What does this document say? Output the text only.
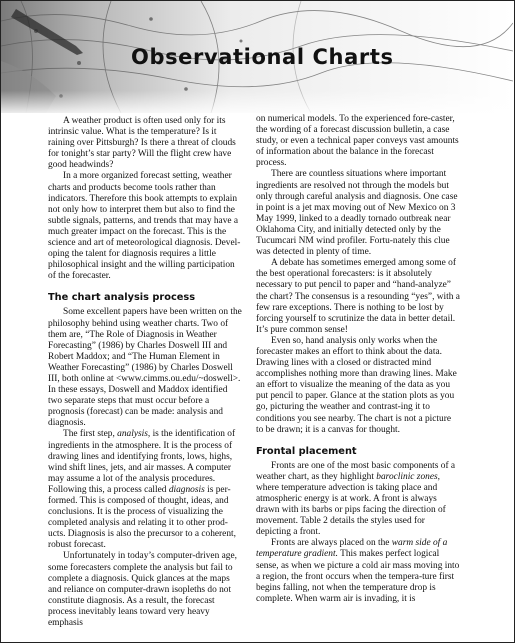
Observational Charts

A weather product is often used only for its intrinsic value. What is the temperature? Is it raining over Pittsburgh? Is there a threat of clouds for tonight’s star party? Will the flight crew have good headwinds?

In a more organized forecast setting, weather charts and products become tools rather than indicators. Therefore this book attempts to explain not only how to interpret them but also to find the subtle signals, patterns, and trends that may have a much greater impact on the forecast. This is the science and art of meteorological diagnosis. Devel-oping the talent for diagnosis requires a little philosophical insight and the willing participation of the forecaster.

The chart analysis process

Some excellent papers have been written on the philosophy behind using weather charts. Two of them are, “The Role of Diagnosis in Weather Forecasting” (1986) by Charles Doswell III and Robert Maddox; and “The Human Element in Weather Forecasting” (1986) by Charles Doswell III, both online at <www.cimms.ou.edu/~doswell>. In these essays, Doswell and Maddox identified two separate steps that must occur before a prognosis (forecast) can be made: analysis and diagnosis.

The first step, analysis, is the identification of ingredients in the atmosphere. It is the process of drawing lines and identifying fronts, lows, highs, wind shift lines, jets, and air masses. A computer may assume a lot of the analysis procedures. Following this, a process called diagnosis is per-formed. This is composed of thought, ideas, and conclusions. It is the process of visualizing the completed analysis and relating it to other prod-ucts. Diagnosis is also the precursor to a coherent, robust forecast.

Unfortunately in today’s computer-driven age, some forecasters complete the analysis but fail to complete a diagnosis. Quick glances at the maps and reliance on computer-drawn isopleths do not constitute diagnosis. As a result, the forecast process inevitably leans toward very heavy emphasis

on numerical models. To the experienced fore-caster, the wording of a forecast discussion bulletin, a case study, or even a technical paper conveys vast amounts of information about the balance in the forecast process.

There are countless situations where important ingredients are resolved not through the models but only through careful analysis and diagnosis. One case in point is a jet max moving out of New Mexico on 3 May 1999, linked to a deadly tornado outbreak near Oklahoma City, and initially detected only by the Tucumcari NM wind profiler. Fortu-nately this clue was detected in plenty of time.

A debate has sometimes emerged among some of the best operational forecasters: is it absolutely necessary to put pencil to paper and “hand-analyze” the chart? The consensus is a resounding “yes”, with a few rare exceptions. There is nothing to be lost by forcing yourself to scrutinize the data in better detail. It’s pure common sense!

Even so, hand analysis only works when the forecaster makes an effort to think about the data. Drawing lines with a closed or distracted mind accomplishes nothing more than drawing lines. Make an effort to visualize the meaning of the data as you put pencil to paper. Glance at the station plots as you go, picturing the weather and contrast-ing it to conditions you see nearby. The chart is not a picture to be drawn; it is a canvas for thought.

Frontal placement

Fronts are one of the most basic components of a weather chart, as they highlight baroclinic zones, where temperature advection is taking place and atmospheric energy is at work. A front is always drawn with its barbs or pips facing the direction of movement. Table 2 details the styles used for depicting a front.

Fronts are always placed on the warm side of a temperature gradient. This makes perfect logical sense, as when we picture a cold air mass moving into a region, the front occurs when the tempera-ture first begins falling, not when the temperature drop is complete. When warm air is invading, it is
